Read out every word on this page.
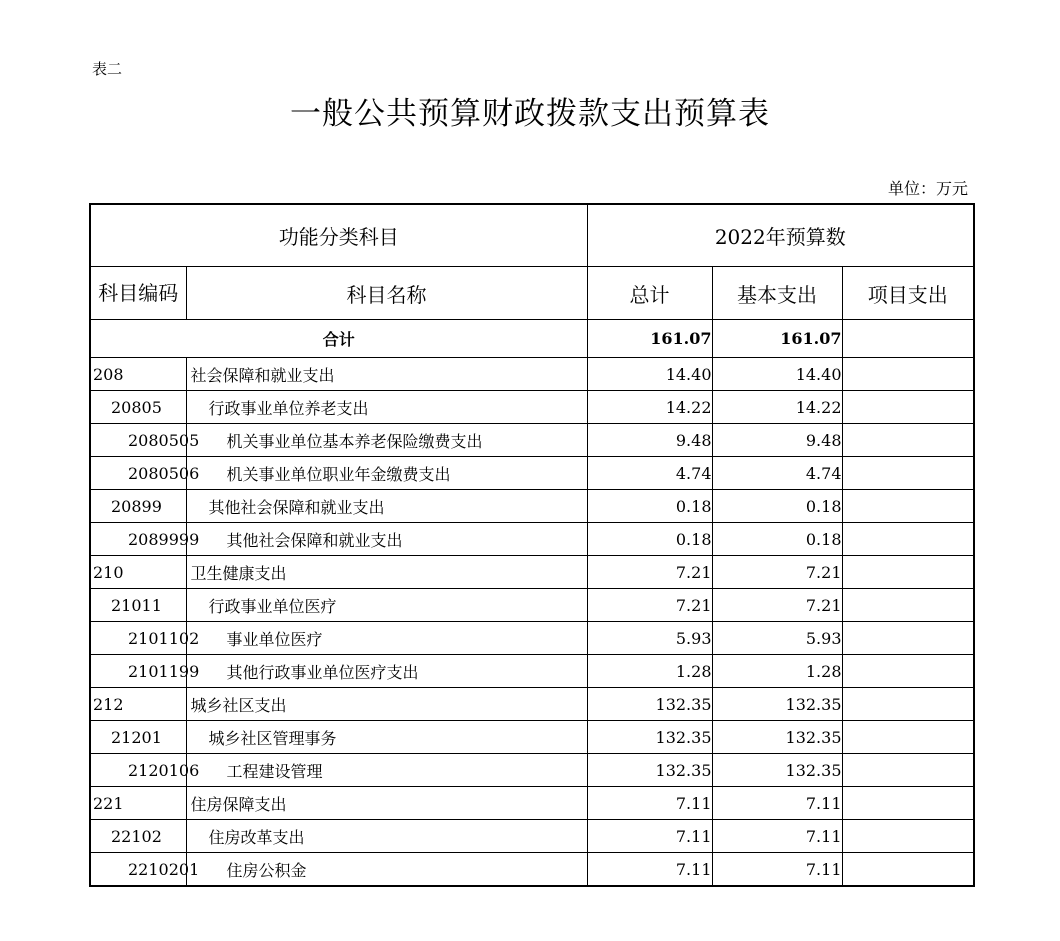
表二
一般公共预算财政拨款支出预算表
单位：万元
功能分类科目		2022年预算数		
科目编码	科目名称	总计	基本支出	项目支出
合计		161.07	161.07	
208	社会保障和就业支出	14.40	14.40	
20805	行政事业单位养老支出	14.22	14.22	
2080505	机关事业单位基本养老保险缴费支出	9.48	9.48	
2080506	机关事业单位职业年金缴费支出	4.74	4.74	
20899	其他社会保障和就业支出	0.18	0.18	
2089999	其他社会保障和就业支出	0.18	0.18	
210	卫生健康支出	7.21	7.21	
21011	行政事业单位医疗	7.21	7.21	
2101102	事业单位医疗	5.93	5.93	
2101199	其他行政事业单位医疗支出	1.28	1.28	
212	城乡社区支出	132.35	132.35	
21201	城乡社区管理事务	132.35	132.35	
2120106	工程建设管理	132.35	132.35	
221	住房保障支出	7.11	7.11	
22102	住房改革支出	7.11	7.11	
2210201	住房公积金	7.11	7.11	
